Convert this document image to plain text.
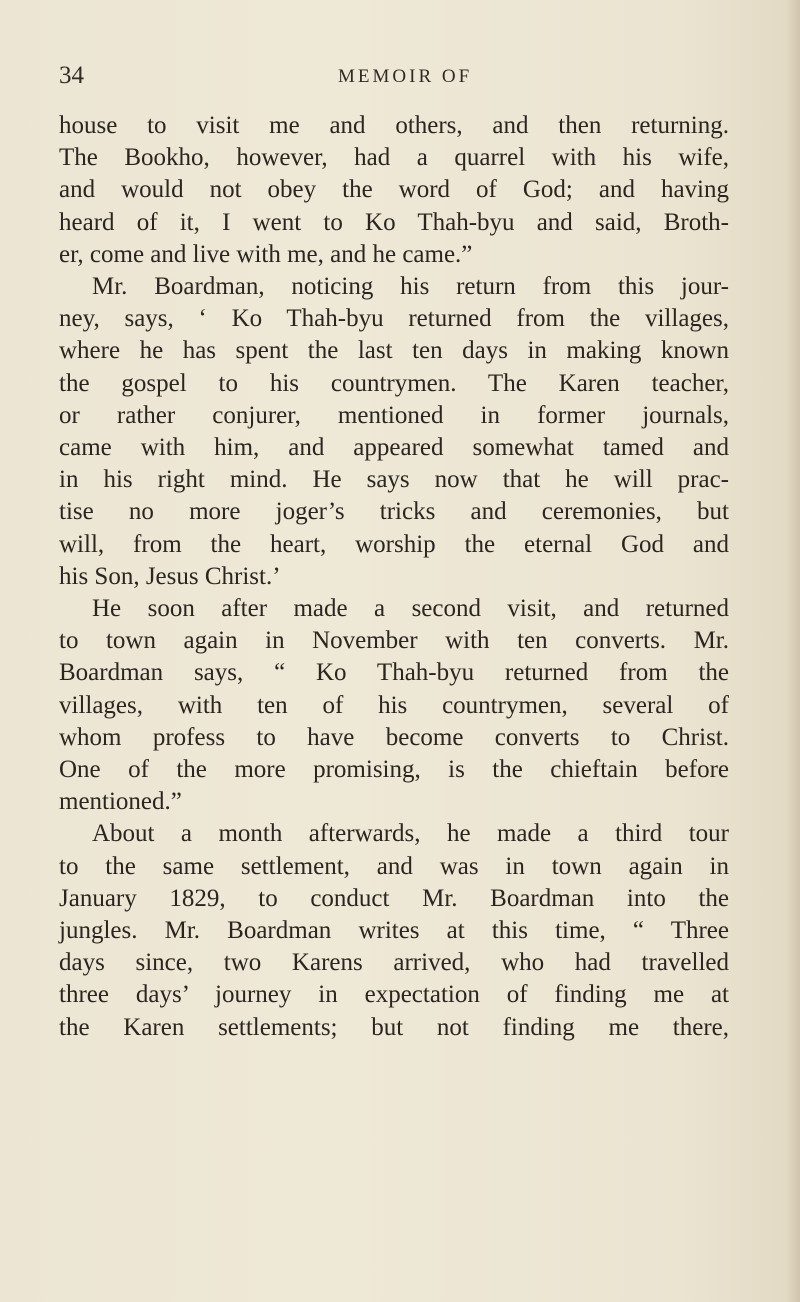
34	MEMOIR OF
house to visit me and others, and then returning.
The Bookho, however, had a quarrel with his wife,
and would not obey the word of God; and having
heard of it, I went to Ko Thah-byu and said, Broth-
er, come and live with me, and he came.”
Mr. Boardman, noticing his return from this jour-
ney, says, ‘ Ko Thah-byu returned from the villages,
where he has spent the last ten days in making known
the gospel to his countrymen. The Karen teacher,
or rather conjurer, mentioned in former journals,
came with him, and appeared somewhat tamed and
in his right mind. He says now that he will prac-
tise no more joger’s tricks and ceremonies, but
will, from the heart, worship the eternal God and
his Son, Jesus Christ.’
He soon after made a second visit, and returned
to town again in November with ten converts. Mr.
Boardman says, “ Ko Thah-byu returned from the
villages, with ten of his countrymen, several of
whom profess to have become converts to Christ.
One of the more promising, is the chieftain before
mentioned.”
About a month afterwards, he made a third tour
to the same settlement, and was in town again in
January 1829, to conduct Mr. Boardman into the
jungles. Mr. Boardman writes at this time, “ Three
days since, two Karens arrived, who had travelled
three days’ journey in expectation of finding me at
the Karen settlements; but not finding me there,
